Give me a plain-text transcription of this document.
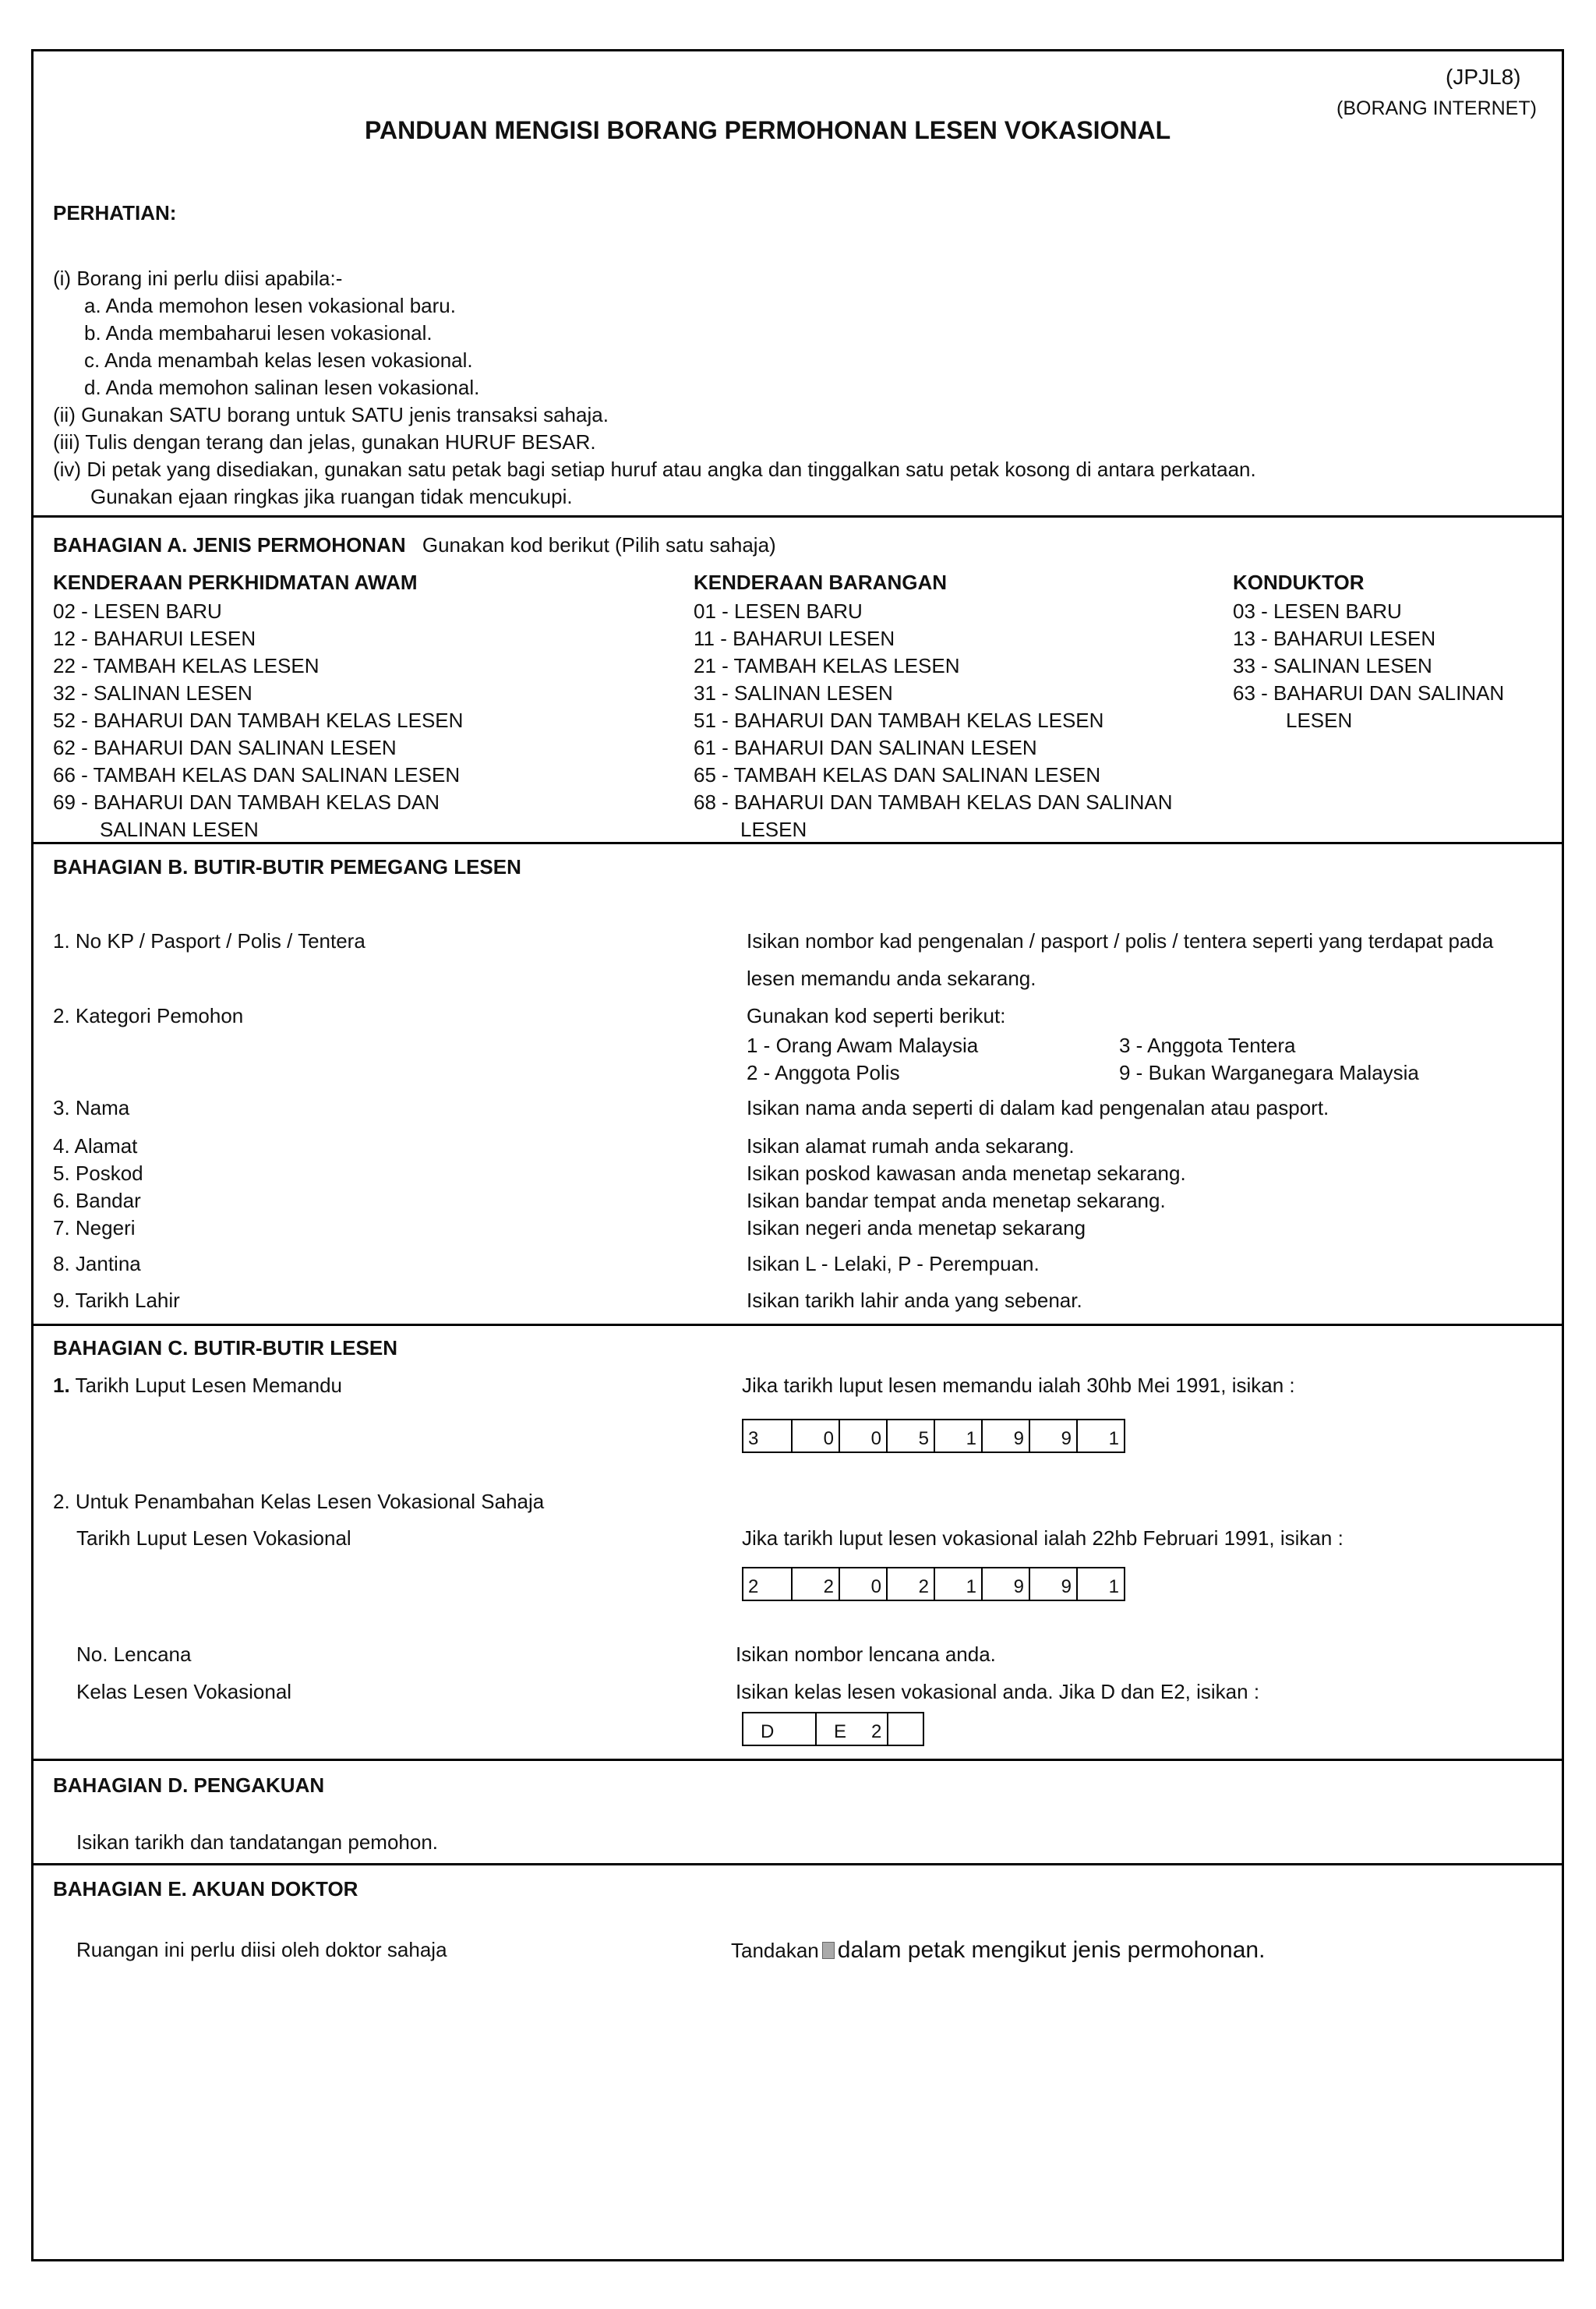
(JPJL8)
(BORANG INTERNET)
PANDUAN MENGISI BORANG PERMOHONAN LESEN VOKASIONAL
PERHATIAN:
(i) Borang ini perlu diisi apabila:-
a. Anda memohon lesen vokasional baru.
b. Anda membaharui lesen vokasional.
c. Anda menambah kelas lesen vokasional.
d. Anda memohon salinan lesen vokasional.
(ii) Gunakan SATU borang untuk SATU jenis transaksi sahaja.
(iii) Tulis dengan terang dan jelas, gunakan HURUF BESAR.
(iv) Di petak yang disediakan, gunakan satu petak bagi setiap huruf atau angka dan tinggalkan satu petak kosong di antara perkataan.
Gunakan ejaan ringkas jika ruangan tidak mencukupi.
BAHAGIAN A. JENIS PERMOHONAN Gunakan kod berikut (Pilih satu sahaja)
KENDERAAN PERKHIDMATAN AWAM
02 - LESEN BARU
12 - BAHARUI LESEN
22 - TAMBAH KELAS LESEN
32 - SALINAN LESEN
52 - BAHARUI DAN TAMBAH KELAS LESEN
62 - BAHARUI DAN SALINAN LESEN
66 - TAMBAH KELAS DAN SALINAN LESEN
69 - BAHARUI DAN TAMBAH KELAS DAN
SALINAN LESEN
KENDERAAN BARANGAN
01 - LESEN BARU
11 - BAHARUI LESEN
21 - TAMBAH KELAS LESEN
31 - SALINAN LESEN
51 - BAHARUI DAN TAMBAH KELAS LESEN
61 - BAHARUI DAN SALINAN LESEN
65 - TAMBAH KELAS DAN SALINAN LESEN
68 - BAHARUI DAN TAMBAH KELAS DAN SALINAN
LESEN
KONDUKTOR
03 - LESEN BARU
13 - BAHARUI LESEN
33 - SALINAN LESEN
63 - BAHARUI DAN SALINAN
LESEN
BAHAGIAN B. BUTIR-BUTIR PEMEGANG LESEN
1. No KP / Pasport / Polis / Tentera	Isikan nombor kad pengenalan / pasport / polis / tentera seperti yang terdapat pada
lesen memandu anda sekarang.
2. Kategori Pemohon	Gunakan kod seperti berikut:
1 - Orang Awam Malaysia	3 - Anggota Tentera
2 - Anggota Polis	9 - Bukan Warganegara Malaysia
3. Nama	Isikan nama anda seperti di dalam kad pengenalan atau pasport.
4. Alamat	Isikan alamat rumah anda sekarang.
5. Poskod	Isikan poskod kawasan anda menetap sekarang.
6. Bandar	Isikan bandar tempat anda menetap sekarang.
7. Negeri	Isikan negeri anda menetap sekarang
8. Jantina	Isikan L - Lelaki, P - Perempuan.
9. Tarikh Lahir	Isikan tarikh lahir anda yang sebenar.
BAHAGIAN C. BUTIR-BUTIR LESEN
1. Tarikh Luput Lesen Memandu	Jika tarikh luput lesen memandu ialah 30hb Mei 1991, isikan :
3	0 0 5 1 9 9 1
2. Untuk Penambahan Kelas Lesen Vokasional Sahaja
Tarikh Luput Lesen Vokasional	Jika tarikh luput lesen vokasional ialah 22hb Februari 1991, isikan :
2	2 0 2 1 9 9 1
No. Lencana	Isikan nombor lencana anda.
Kelas Lesen Vokasional	Isikan kelas lesen vokasional anda. Jika D dan E2, isikan :
D	E 2
BAHAGIAN D. PENGAKUAN
Isikan tarikh dan tandatangan pemohon.
BAHAGIAN E. AKUAN DOKTOR
Ruangan ini perlu diisi oleh doktor sahaja	Tandakan dalam petak mengikut jenis permohonan.
